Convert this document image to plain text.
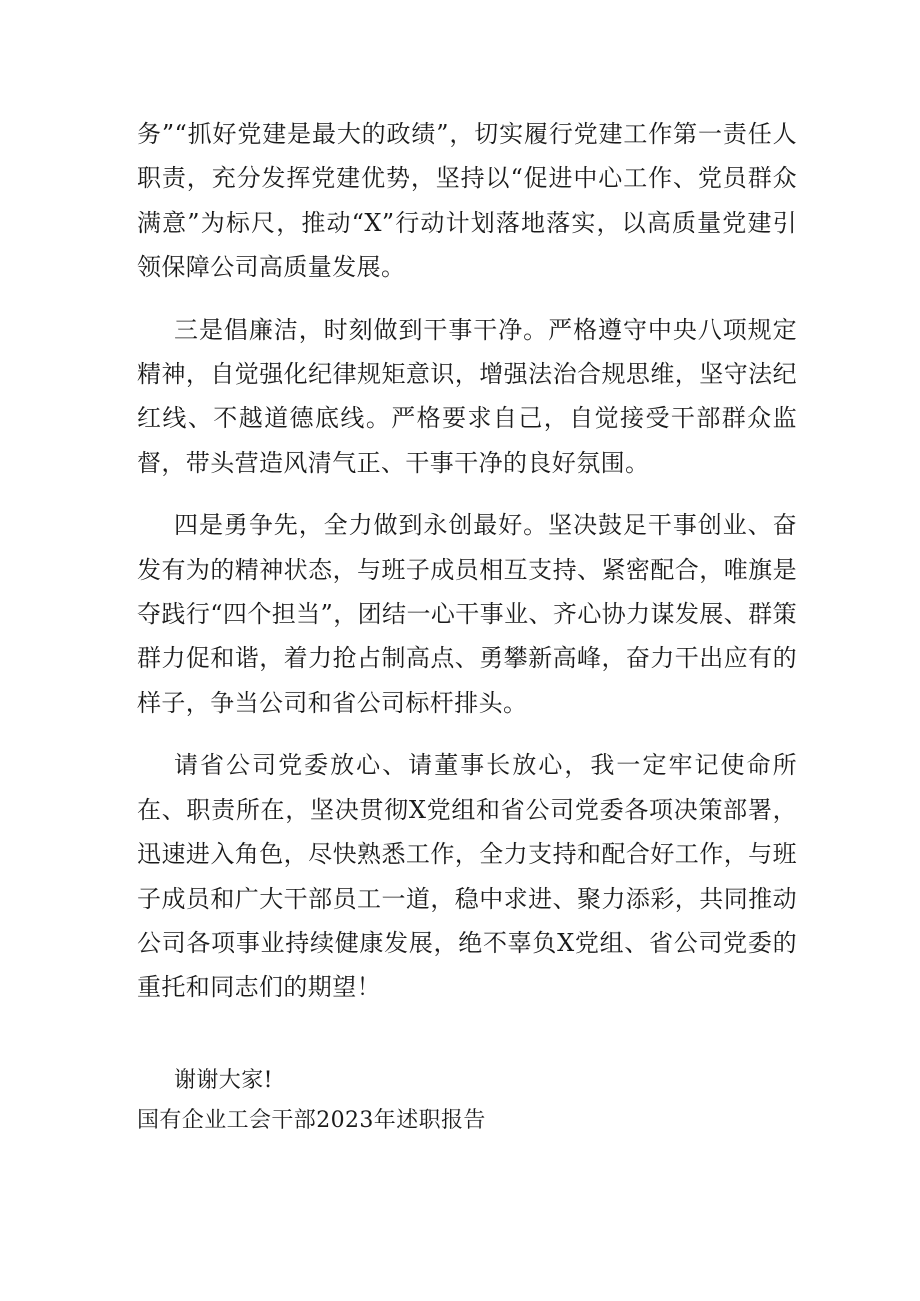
务”“抓好党建是最大的政绩”，切实履行党建工作第一责任人职责，充分发挥党建优势，坚持以“促进中心工作、党员群众满意”为标尺，推动“X”行动计划落地落实，以高质量党建引领保障公司高质量发展。

三是倡廉洁，时刻做到干事干净。严格遵守中央八项规定精神，自觉强化纪律规矩意识，增强法治合规思维，坚守法纪红线、不越道德底线。严格要求自己，自觉接受干部群众监督，带头营造风清气正、干事干净的良好氛围。

四是勇争先，全力做到永创最好。坚决鼓足干事创业、奋发有为的精神状态，与班子成员相互支持、紧密配合，唯旗是夺践行“四个担当”，团结一心干事业、齐心协力谋发展、群策群力促和谐，着力抢占制高点、勇攀新高峰，奋力干出应有的样子，争当公司和省公司标杆排头。

请省公司党委放心、请董事长放心，我一定牢记使命所在、职责所在，坚决贯彻X党组和省公司党委各项决策部署，迅速进入角色，尽快熟悉工作，全力支持和配合好工作，与班子成员和广大干部员工一道，稳中求进、聚力添彩，共同推动公司各项事业持续健康发展，绝不辜负X党组、省公司党委的重托和同志们的期望！

谢谢大家!

国有企业工会干部2023年述职报告
